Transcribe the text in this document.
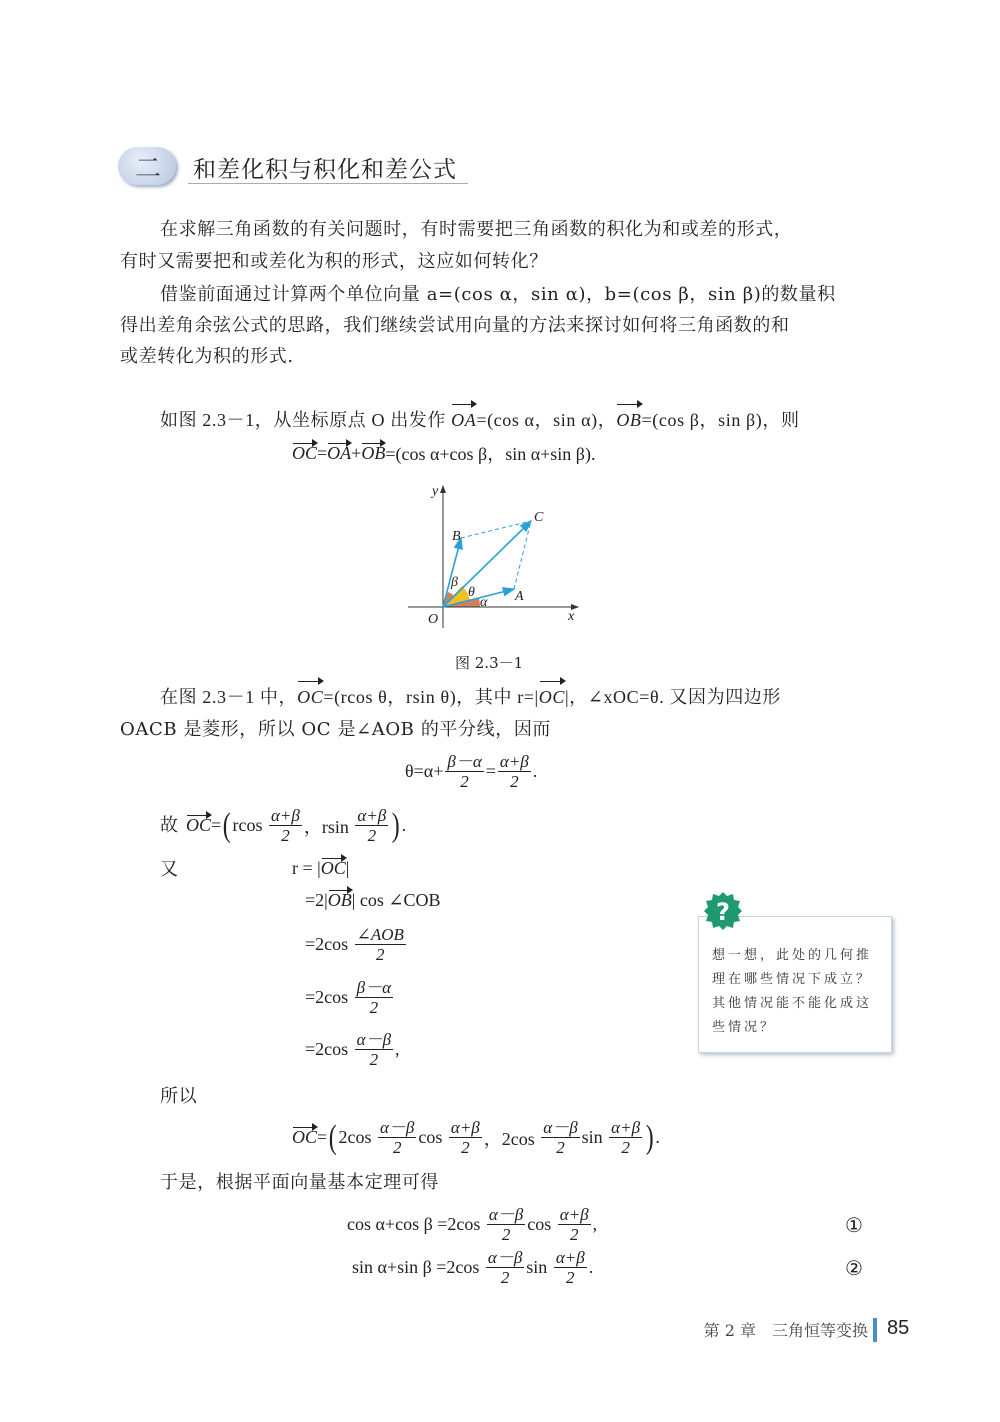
二 和差化积与积化和差公式
在求解三角函数的有关问题时，有时需要把三角函数的积化为和或差的形式，
有时又需要把和或差化为积的形式，这应如何转化？
借鉴前面通过计算两个单位向量 a=(cos α，sin α)，b=(cos β，sin β)的数量积
得出差角余弦公式的思路，我们继续尝试用向量的方法来探讨如何将三角函数的和
或差转化为积的形式.
如图 2.3－1，从坐标原点 O 出发作 OA =(cos α，sin α)， OB =(cos β，sin β)，则
OC = OA + OB =(cos α+cos β，sin α+sin β).
y
x
O
A
B
C
β
θ
α
图 2.3－1
在图 2.3－1 中， OC =(rcos θ，rsin θ)，其中 r=| OC |，∠xOC=θ. 又因为四边形
OACB 是菱形，所以 OC 是∠AOB 的平分线，因而
$\theta=\alpha+ \frac{\beta-\alpha}{2} = \frac{\alpha+\beta}{2}$ .
故 OC = ( rcos $\frac{\alpha+\beta}{2}$ ，rsin $\frac{\alpha+\beta}{2}$ ) .
又	r = | OC |
=2| OB | cos ∠COB
$=2\cos \frac{\text{∠AOB}}{2}$
$=2\cos \frac{\beta-\alpha}{2}$
$=2\cos \frac{\alpha-\beta}{2}$ ,
所以
OC = ( $2\cos \frac{\alpha-\beta}{2}$ $\cos \frac{\alpha+\beta}{2}$ ，$2\cos \frac{\alpha-\beta}{2}$ $\sin \frac{\alpha+\beta}{2}$ ) .
于是，根据平面向量基本定理可得
cos α+cos $\beta =2\cos \frac{\alpha-\beta}{2}$ $\cos \frac{\alpha+\beta}{2}$ ,	①
sin α+sin $\beta =2\cos \frac{\alpha-\beta}{2}$ $\sin \frac{\alpha+\beta}{2}$ .	②
?
想一想，此处的几何推理在哪些情况下成立？其他情况能不能化成这些情况？
第 2 章　三角恒等变换 85
